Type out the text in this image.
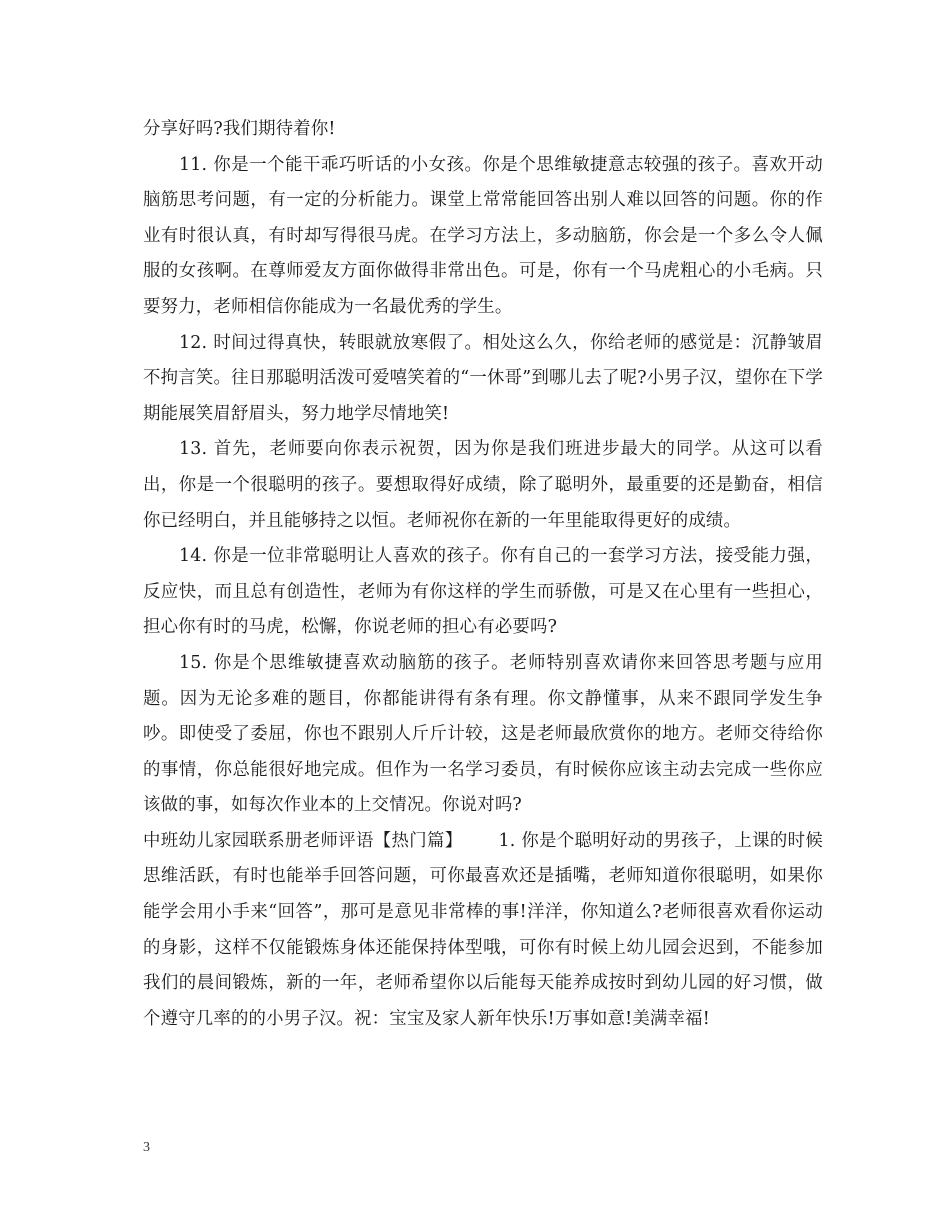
分享好吗?我们期待着你!

11. 你是一个能干乖巧听话的小女孩。你是个思维敏捷意志较强的孩子。喜欢开动脑筋思考问题，有一定的分析能力。课堂上常常能回答出别人难以回答的问题。你的作业有时很认真，有时却写得很马虎。在学习方法上，多动脑筋，你会是一个多么令人佩服的女孩啊。在尊师爱友方面你做得非常出色。可是，你有一个马虎粗心的小毛病。只要努力，老师相信你能成为一名最优秀的学生。

12. 时间过得真快，转眼就放寒假了。相处这么久，你给老师的感觉是：沉静皱眉不拘言笑。往日那聪明活泼可爱嘻笑着的“一休哥”到哪儿去了呢?小男子汉，望你在下学期能展笑眉舒眉头，努力地学尽情地笑!

13. 首先，老师要向你表示祝贺，因为你是我们班进步最大的同学。从这可以看出，你是一个很聪明的孩子。要想取得好成绩，除了聪明外，最重要的还是勤奋，相信你已经明白，并且能够持之以恒。老师祝你在新的一年里能取得更好的成绩。

14. 你是一位非常聪明让人喜欢的孩子。你有自己的一套学习方法，接受能力强，反应快，而且总有创造性，老师为有你这样的学生而骄傲，可是又在心里有一些担心，担心你有时的马虎，松懈，你说老师的担心有必要吗?

15. 你是个思维敏捷喜欢动脑筋的孩子。老师特别喜欢请你来回答思考题与应用题。因为无论多难的题目，你都能讲得有条有理。你文静懂事，从来不跟同学发生争吵。即使受了委屈，你也不跟别人斤斤计较，这是老师最欣赏你的地方。老师交待给你的事情，你总能很好地完成。但作为一名学习委员，有时候你应该主动去完成一些你应该做的事，如每次作业本的上交情况。你说对吗?

中班幼儿家园联系册老师评语【热门篇】 1. 你是个聪明好动的男孩子，上课的时候思维活跃，有时也能举手回答问题，可你最喜欢还是插嘴，老师知道你很聪明，如果你能学会用小手来“回答”，那可是意见非常棒的事!洋洋，你知道么?老师很喜欢看你运动的身影，这样不仅能锻炼身体还能保持体型哦，可你有时候上幼儿园会迟到，不能参加我们的晨间锻炼，新的一年，老师希望你以后能每天能养成按时到幼儿园的好习惯，做个遵守几率的的小男子汉。祝：宝宝及家人新年快乐!万事如意!美满幸福!

3
